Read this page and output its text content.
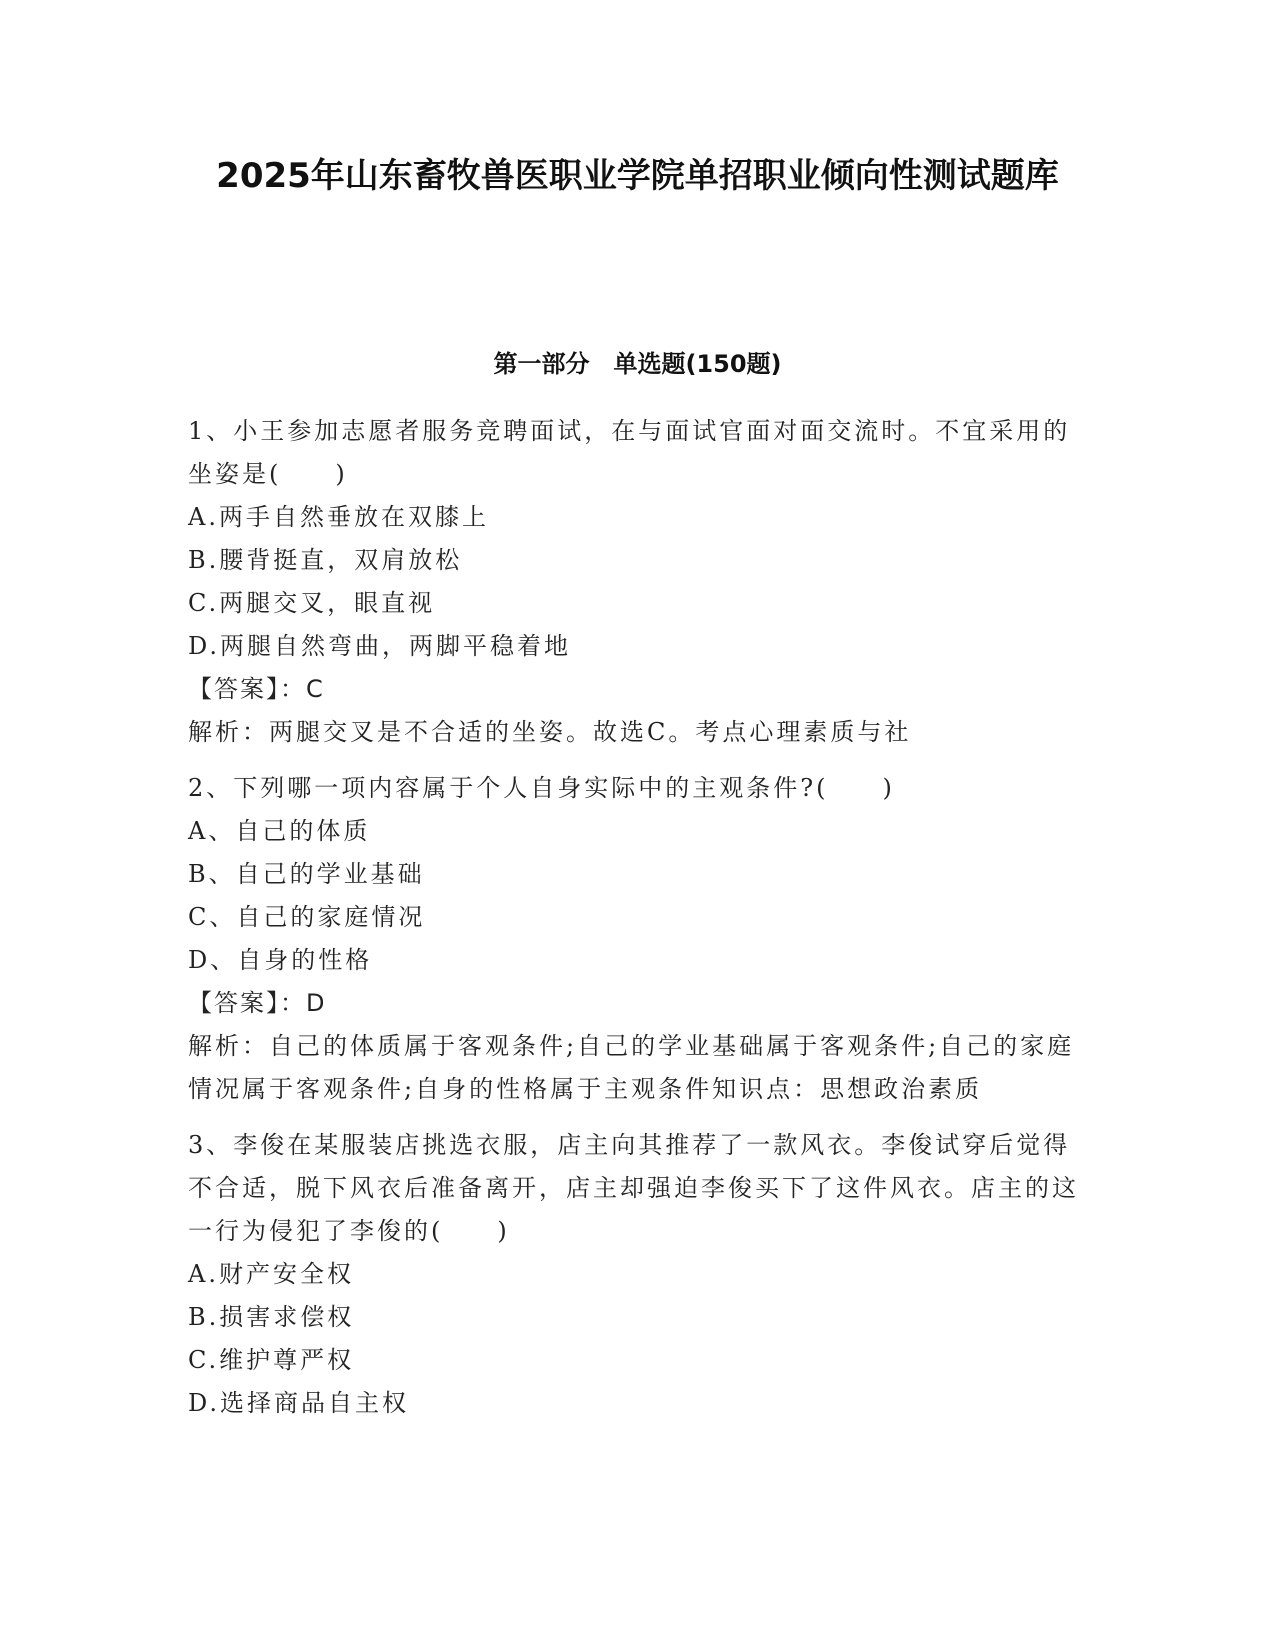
2025年山东畜牧兽医职业学院单招职业倾向性测试题库
第一部分　单选题(150题)

1、小王参加志愿者服务竞聘面试，在与面试官面对面交流时。不宜采用的坐姿是(　　)

A.两手自然垂放在双膝上

B.腰背挺直，双肩放松

C.两腿交叉，眼直视

D.两腿自然弯曲，两脚平稳着地

【答案】：C

解析：两腿交叉是不合适的坐姿。故选C。考点心理素质与社

2、下列哪一项内容属于个人自身实际中的主观条件?(　　)

A、自己的体质

B、自己的学业基础

C、自己的家庭情况

D、自身的性格

【答案】：D

解析：自己的体质属于客观条件;自己的学业基础属于客观条件;自己的家庭情况属于客观条件;自身的性格属于主观条件知识点：思想政治素质

3、李俊在某服装店挑选衣服，店主向其推荐了一款风衣。李俊试穿后觉得不合适，脱下风衣后准备离开，店主却强迫李俊买下了这件风衣。店主的这一行为侵犯了李俊的(　　)

A.财产安全权

B.损害求偿权

C.维护尊严权

D.选择商品自主权
